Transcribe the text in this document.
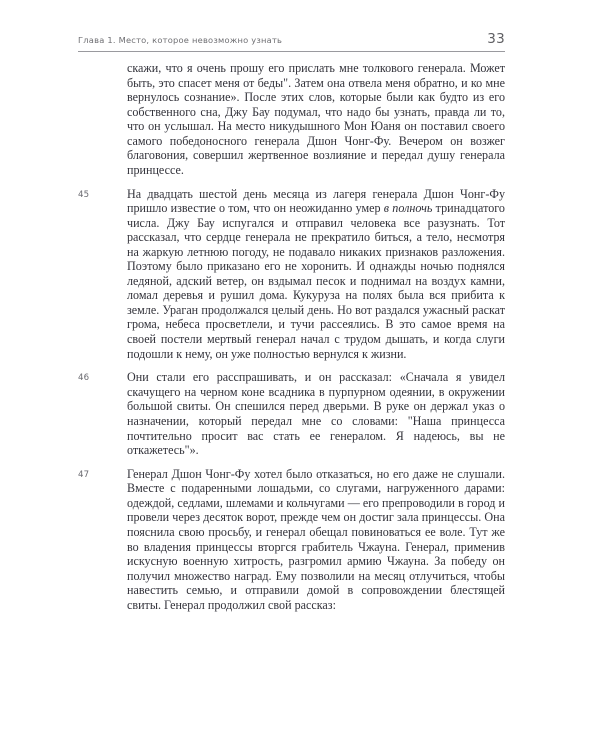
Глава 1. Место, которое невозможно узнать	33

скажи, что я очень прошу его прислать мне толкового генерала. Может быть, это спасет меня от беды". Затем она отвела меня обратно, и ко мне вернулось сознание». После этих слов, которые были как будто из его собственного сна, Джу Бау подумал, что надо бы узнать, правда ли то, что он услышал. На место никудышного Мон Юаня он поставил своего самого победоносного генерала Дшон Чонг-Фу. Вечером он возжег благовония, совершил жертвенное возлияние и передал душу генерала принцессе.

45	На двадцать шестой день месяца из лагеря генерала Дшон Чонг-Фу пришло известие о том, что он неожиданно умер в полночь тринадцатого числа. Джу Бау испугался и отправил человека все разузнать. Тот рассказал, что сердце генерала не прекратило биться, а тело, несмотря на жаркую летнюю погоду, не подавало никаких признаков разложения. Поэтому было приказано его не хоронить. И однажды ночью поднялся ледяной, адский ветер, он вздымал песок и поднимал на воздух камни, ломал деревья и рушил дома. Кукуруза на полях была вся прибита к земле. Ураган продолжался целый день. Но вот раздался ужасный раскат грома, небеса просветлели, и тучи рассеялись. В это самое время на своей постели мертвый генерал начал с трудом дышать, и когда слуги подошли к нему, он уже полностью вернулся к жизни.

46	Они стали его расспрашивать, и он рассказал: «Сначала я увидел скачущего на черном коне всадника в пурпурном одеянии, в окружении большой свиты. Он спешился перед дверьми. В руке он держал указ о назначении, который передал мне со словами: "Наша принцесса почтительно просит вас стать ее генералом. Я надеюсь, вы не откажетесь"».

47	Генерал Дшон Чонг-Фу хотел было отказаться, но его даже не слушали. Вместе с подаренными лошадьми, со слугами, нагруженного дарами: одеждой, седлами, шлемами и кольчугами — его препроводили в город и провели через десяток ворот, прежде чем он достиг зала принцессы. Она пояснила свою просьбу, и генерал обещал повиноваться ее воле. Тут же во владения принцессы вторгся грабитель Чжауна. Генерал, применив искусную военную хитрость, разгромил армию Чжауна. За победу он получил множество наград. Ему позволили на месяц отлучиться, чтобы навестить семью, и отправили домой в сопровождении блестящей свиты. Генерал продолжил свой рассказ:
